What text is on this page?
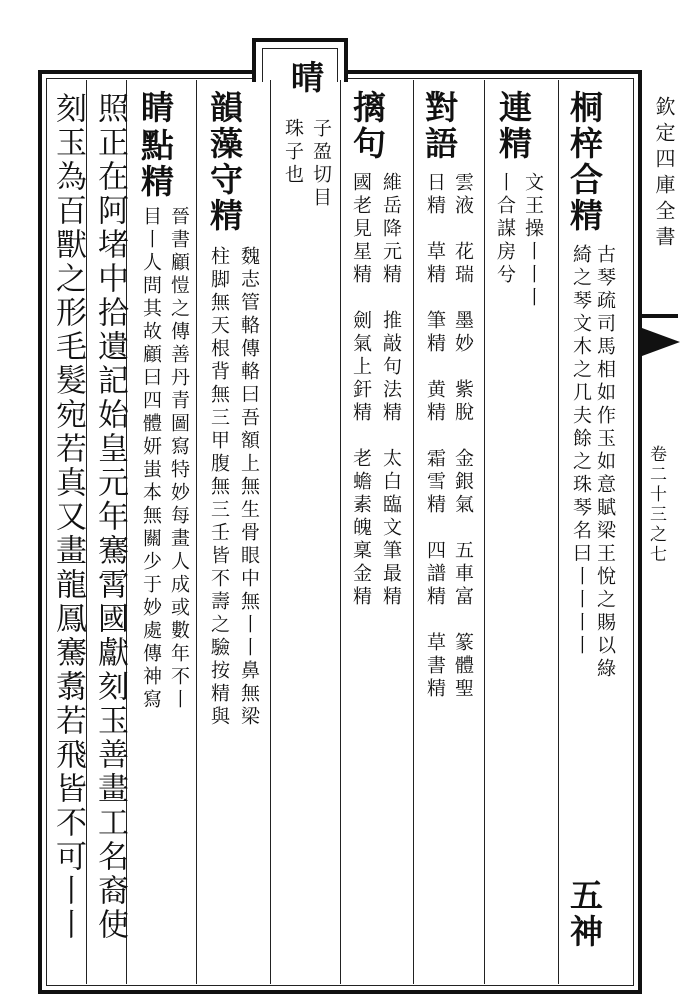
桐梓合精
古琴疏司馬相如作玉如意賦梁王悅之賜以綠
綺之琴文木之几夫餘之珠琴名曰丨丨丨丨
五神
連精
文王操丨丨丨
丨合謀房兮
對語
雲液　花瑞　墨妙　紫脫　金銀氣　五車富　篆體聖
日精　草精　筆精　黄精　霜雪精　四譜精　草書精
摛句
維岳降元精　推敲句法精　太白臨文筆最精
國老見星精　劍氣上釬精　老蟾素魄稟金精
晴
子盈切目
珠子也
韻藻守精
魏志管輅傳輅曰吾額上無生骨眼中無丨丨鼻無梁
柱脚無天根背無三甲腹無三壬皆不壽之驗按精與
睛
點精
晉書顧愷之傳善丹青圖寫特妙每畫人成或數年不丨
目丨人問其故顧曰四體妍蚩本無關少于妙處傳神寫
照正在阿堵中拾遺記始皇元年騫霄國獻刻玉善畫工名裔使
刻玉為百獸之形毛髮宛若真又畫龍鳳騫翥若飛皆不可丨丨	欽定四庫全書
卷二十三之七
